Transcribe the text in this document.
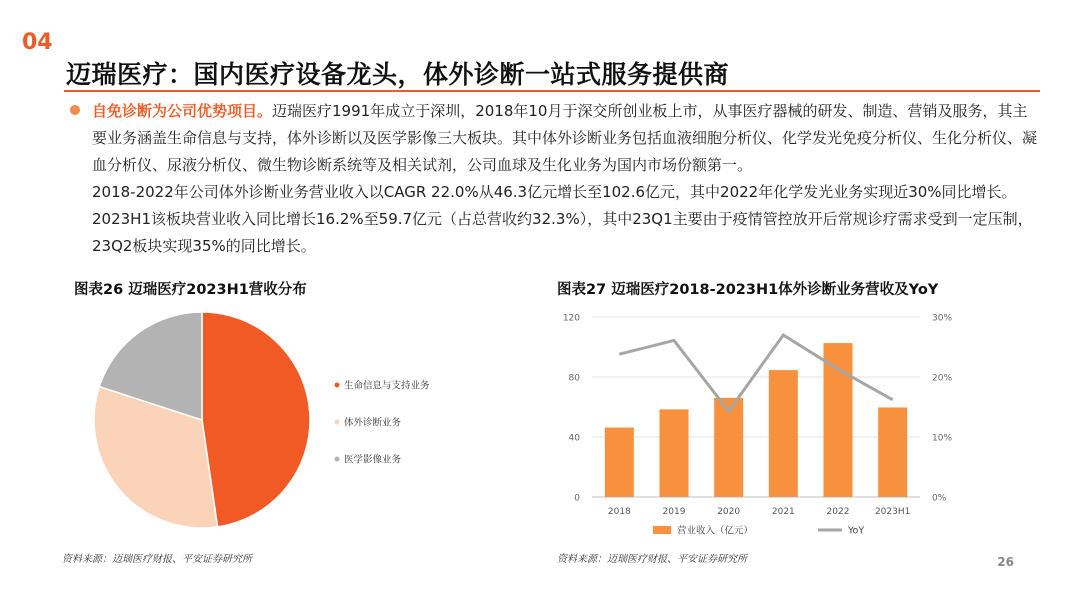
04
迈瑞医疗：国内医疗设备龙头，体外诊断一站式服务提供商

自免诊断为公司优势项目。迈瑞医疗1991年成立于深圳，2018年10月于深交所创业板上市，从事医疗器械的研发、制造、营销及服务，其主要业务涵盖生命信息与支持，体外诊断以及医学影像三大板块。其中体外诊断业务包括血液细胞分析仪、化学发光免疫分析仪、生化分析仪、凝血分析仪、尿液分析仪、微生物诊断系统等及相关试剂，公司血球及生化业务为国内市场份额第一。

2018-2022年公司体外诊断业务营业收入以CAGR 22.0%从46.3亿元增长至102.6亿元，其中2022年化学发光业务实现近30%同比增长。2023H1该板块营业收入同比增长16.2%至59.7亿元（占总营收约32.3%），其中23Q1主要由于疫情管控放开后常规诊疗需求受到一定压制，23Q2板块实现35%的同比增长。

图表26 迈瑞医疗2023H1营收分布	图表27 迈瑞医疗2018-2023H1体外诊断业务营收及YoY
生命信息与支持业务
体外诊断业务
医学影像业务
0
40
80
120
0%
10%
20%
30%
2018	2019	2020	2021	2022	2023H1
营业收入（亿元）	YoY
资料来源：迈瑞医疗财报、平安证券研究所	资料来源：迈瑞医疗财报、平安证券研究所	26
